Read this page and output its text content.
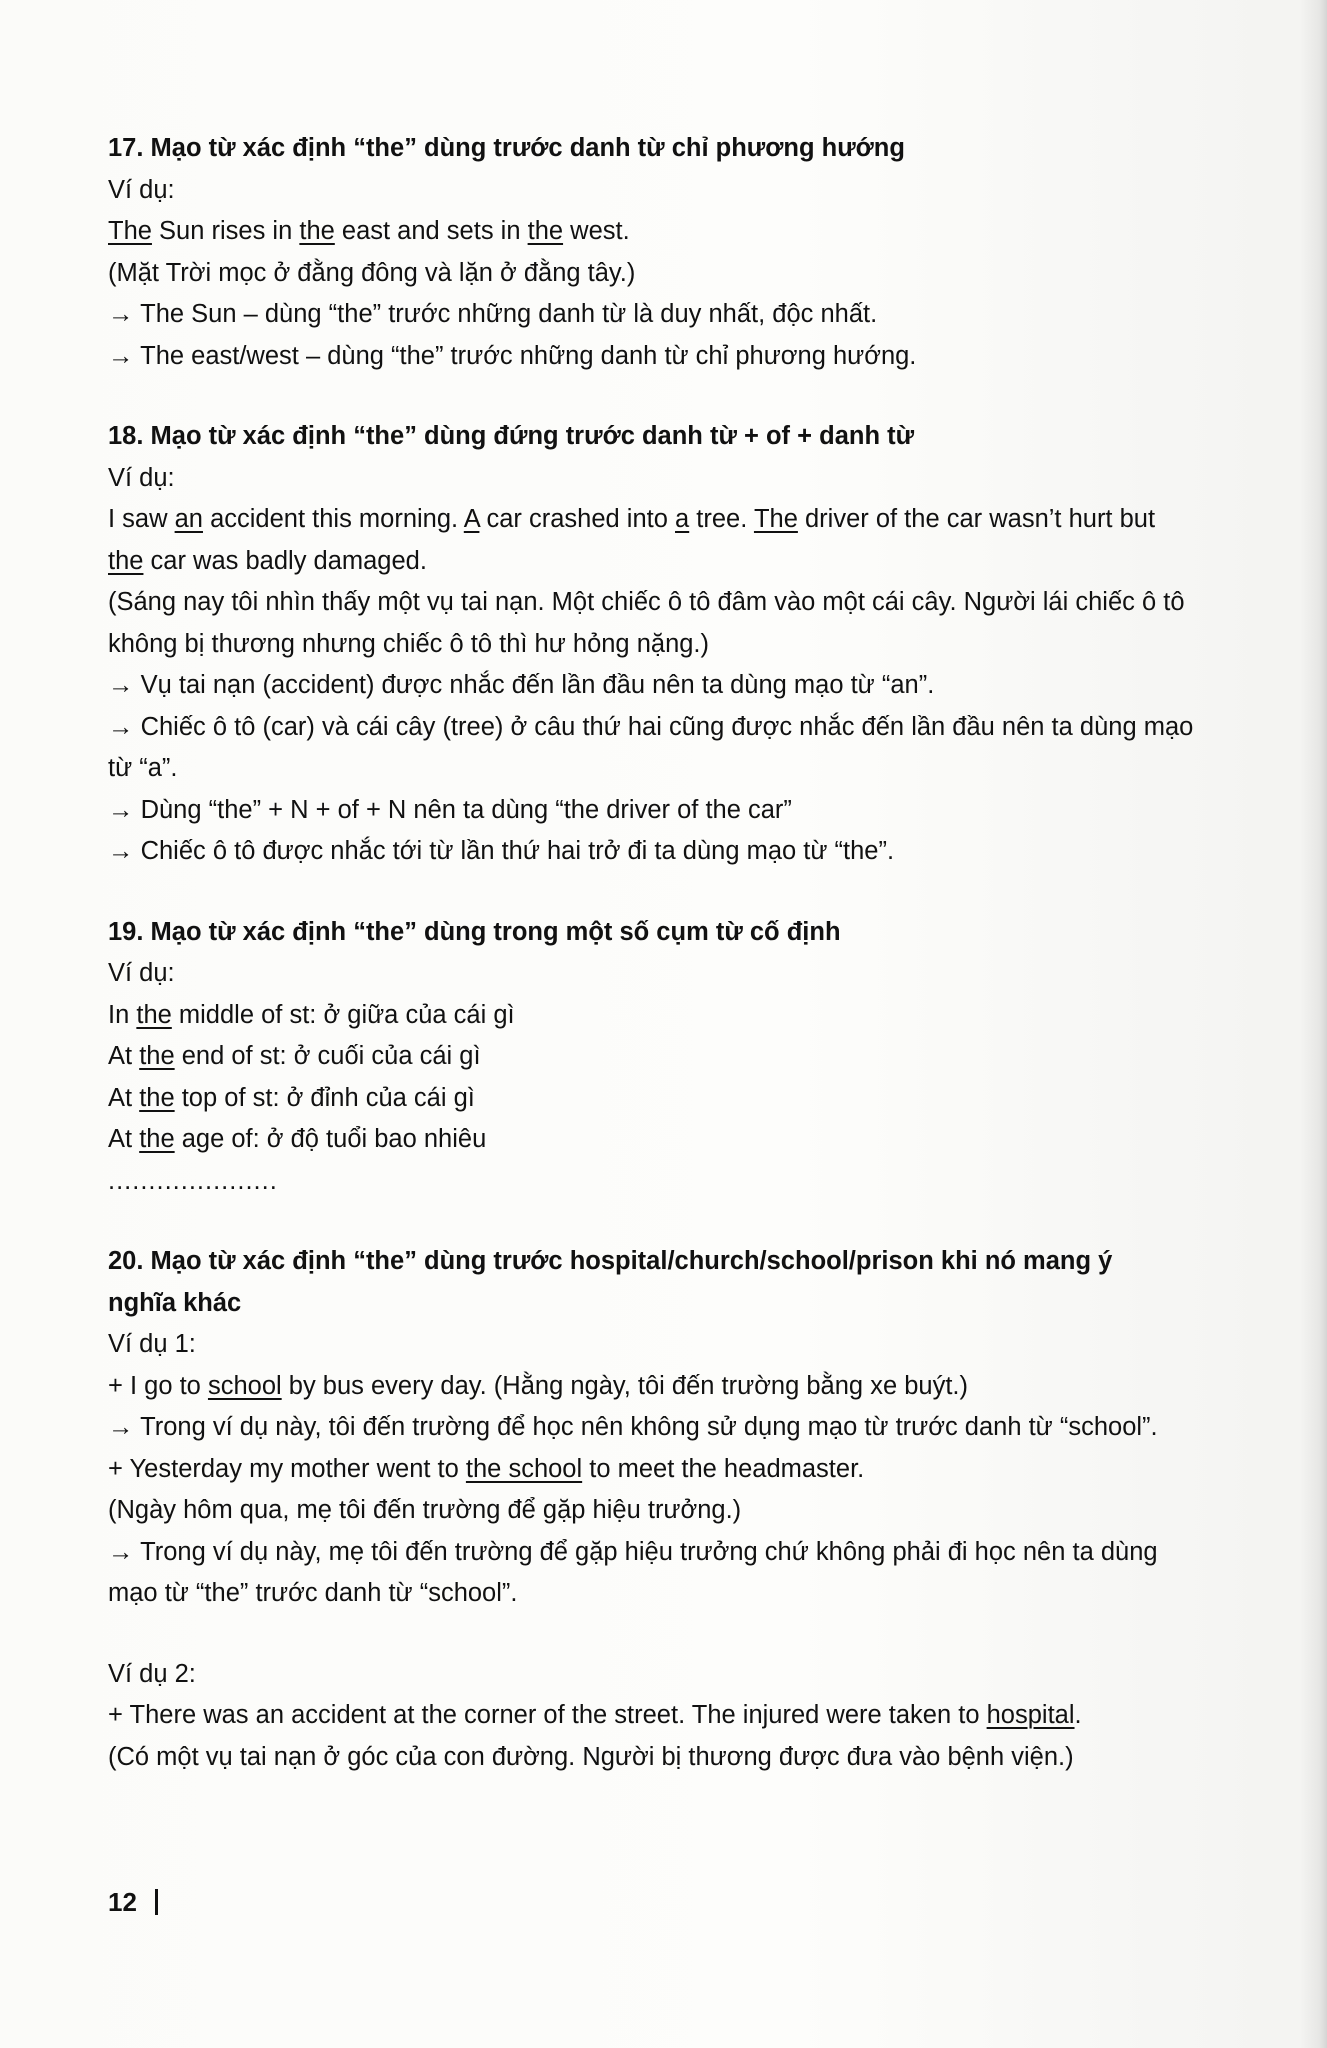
17. Mạo từ xác định “the” dùng trước danh từ chỉ phương hướng
Ví dụ:
The Sun rises in the east and sets in the west.
(Mặt Trời mọc ở đằng đông và lặn ở đằng tây.)
→ The Sun – dùng “the” trước những danh từ là duy nhất, độc nhất.
→ The east/west – dùng “the” trước những danh từ chỉ phương hướng.
18. Mạo từ xác định “the” dùng đứng trước danh từ + of + danh từ
Ví dụ:
I saw an accident this morning. A car crashed into a tree. The driver of the car wasn’t hurt but
the car was badly damaged.
(Sáng nay tôi nhìn thấy một vụ tai nạn. Một chiếc ô tô đâm vào một cái cây. Người lái chiếc ô tô
không bị thương nhưng chiếc ô tô thì hư hỏng nặng.)
→ Vụ tai nạn (accident) được nhắc đến lần đầu nên ta dùng mạo từ “an”.
→ Chiếc ô tô (car) và cái cây (tree) ở câu thứ hai cũng được nhắc đến lần đầu nên ta dùng mạo
từ “a”.
→ Dùng “the” + N + of + N nên ta dùng “the driver of the car”
→ Chiếc ô tô được nhắc tới từ lần thứ hai trở đi ta dùng mạo từ “the”.
19. Mạo từ xác định “the” dùng trong một số cụm từ cố định
Ví dụ:
In the middle of st: ở giữa của cái gì
At the end of st: ở cuối của cái gì
At the top of st: ở đỉnh của cái gì
At the age of: ở độ tuổi bao nhiêu
.....................
20. Mạo từ xác định “the” dùng trước hospital/church/school/prison khi nó mang ý
nghĩa khác
Ví dụ 1:
+ I go to school by bus every day. (Hằng ngày, tôi đến trường bằng xe buýt.)
→ Trong ví dụ này, tôi đến trường để học nên không sử dụng mạo từ trước danh từ “school”.
+ Yesterday my mother went to the school to meet the headmaster.
(Ngày hôm qua, mẹ tôi đến trường để gặp hiệu trưởng.)
→ Trong ví dụ này, mẹ tôi đến trường để gặp hiệu trưởng chứ không phải đi học nên ta dùng
mạo từ “the” trước danh từ “school”.
Ví dụ 2:
+ There was an accident at the corner of the street. The injured were taken to hospital.
(Có một vụ tai nạn ở góc của con đường. Người bị thương được đưa vào bệnh viện.)
12
